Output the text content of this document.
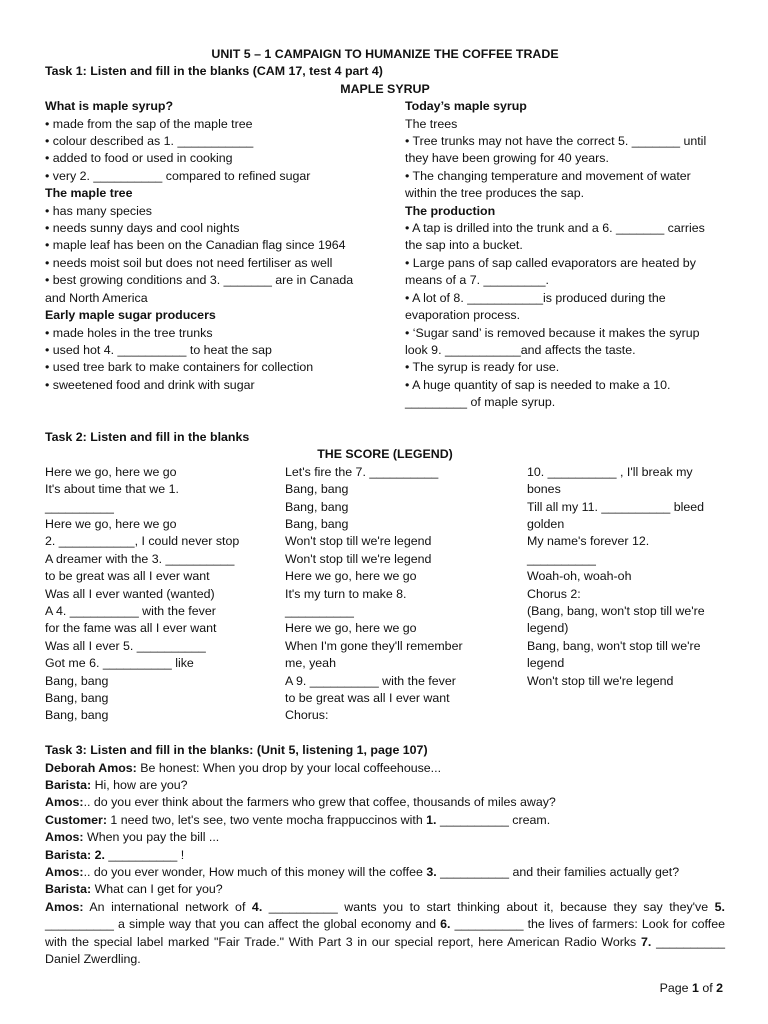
UNIT 5 – 1 CAMPAIGN TO HUMANIZE THE COFFEE TRADE
Task 1: Listen and fill in the blanks (CAM 17, test 4 part 4)
MAPLE SYRUP
What is maple syrup?
• made from the sap of the maple tree
• colour described as 1. ___________
• added to food or used in cooking
• very 2. __________ compared to refined sugar
The maple tree
• has many species
• needs sunny days and cool nights
• maple leaf has been on the Canadian flag since 1964
• needs moist soil but does not need fertiliser as well
• best growing conditions and 3. _______ are in Canada
and North America
Early maple sugar producers
• made holes in the tree trunks
• used hot 4. __________ to heat the sap
• used tree bark to make containers for collection
• sweetened food and drink with sugar
Today’s maple syrup
The trees
• Tree trunks may not have the correct 5. _______ until
they have been growing for 40 years.
• The changing temperature and movement of water
within the tree produces the sap.
The production
• A tap is drilled into the trunk and a 6. _______ carries
the sap into a bucket.
• Large pans of sap called evaporators are heated by
means of a 7. _________.
• A lot of 8. ___________is produced during the
evaporation process.
• ‘Sugar sand’ is removed because it makes the syrup
look 9. ___________and affects the taste.
• The syrup is ready for use.
• A huge quantity of sap is needed to make a 10.
_________ of maple syrup.
Task 2: Listen and fill in the blanks
THE SCORE (LEGEND)
Here we go, here we go
It's about time that we 1.
__________
Here we go, here we go
2. ___________, I could never stop
A dreamer with the 3. __________
to be great was all I ever want
Was all I ever wanted (wanted)
A 4. __________ with the fever
for the fame was all I ever want
Was all I ever 5. __________
Got me 6. __________ like
Bang, bang
Bang, bang
Bang, bang
Let's fire the 7. __________
Bang, bang
Bang, bang
Bang, bang
Won't stop till we're legend
Won't stop till we're legend
Here we go, here we go
It's my turn to make 8.
__________
Here we go, here we go
When I'm gone they'll remember
me, yeah
A 9. __________ with the fever
to be great was all I ever want
Chorus:
10. __________ , I'll break my
bones
Till all my 11. __________ bleed
golden
My name's forever 12.
__________
Woah-oh, woah-oh
Chorus 2:
(Bang, bang, won't stop till we're
legend)
Bang, bang, won't stop till we're
legend
Won't stop till we're legend
Task 3: Listen and fill in the blanks: (Unit 5, listening 1, page 107)
Deborah Amos: Be honest: When you drop by your local coffeehouse...
Barista: Hi, how are you?
Amos:.. do you ever think about the farmers who grew that coffee, thousands of miles away?
Customer: 1 need two, let's see, two vente mocha frappuccinos with 1. __________ cream.
Amos: When you pay the bill ...
Barista: 2. __________ !
Amos:.. do you ever wonder, How much of this money will the coffee 3. __________ and their families actually get?
Barista: What can I get for you?
Amos: An international network of 4. __________ wants you to start thinking about it, because they say they've 5. __________ a simple way that you can affect the global economy and 6. __________ the lives of farmers: Look for coffee with the special label marked "Fair Trade." With Part 3 in our special report, here American Radio Works 7. __________ Daniel Zwerdling.
Page 1 of 2
